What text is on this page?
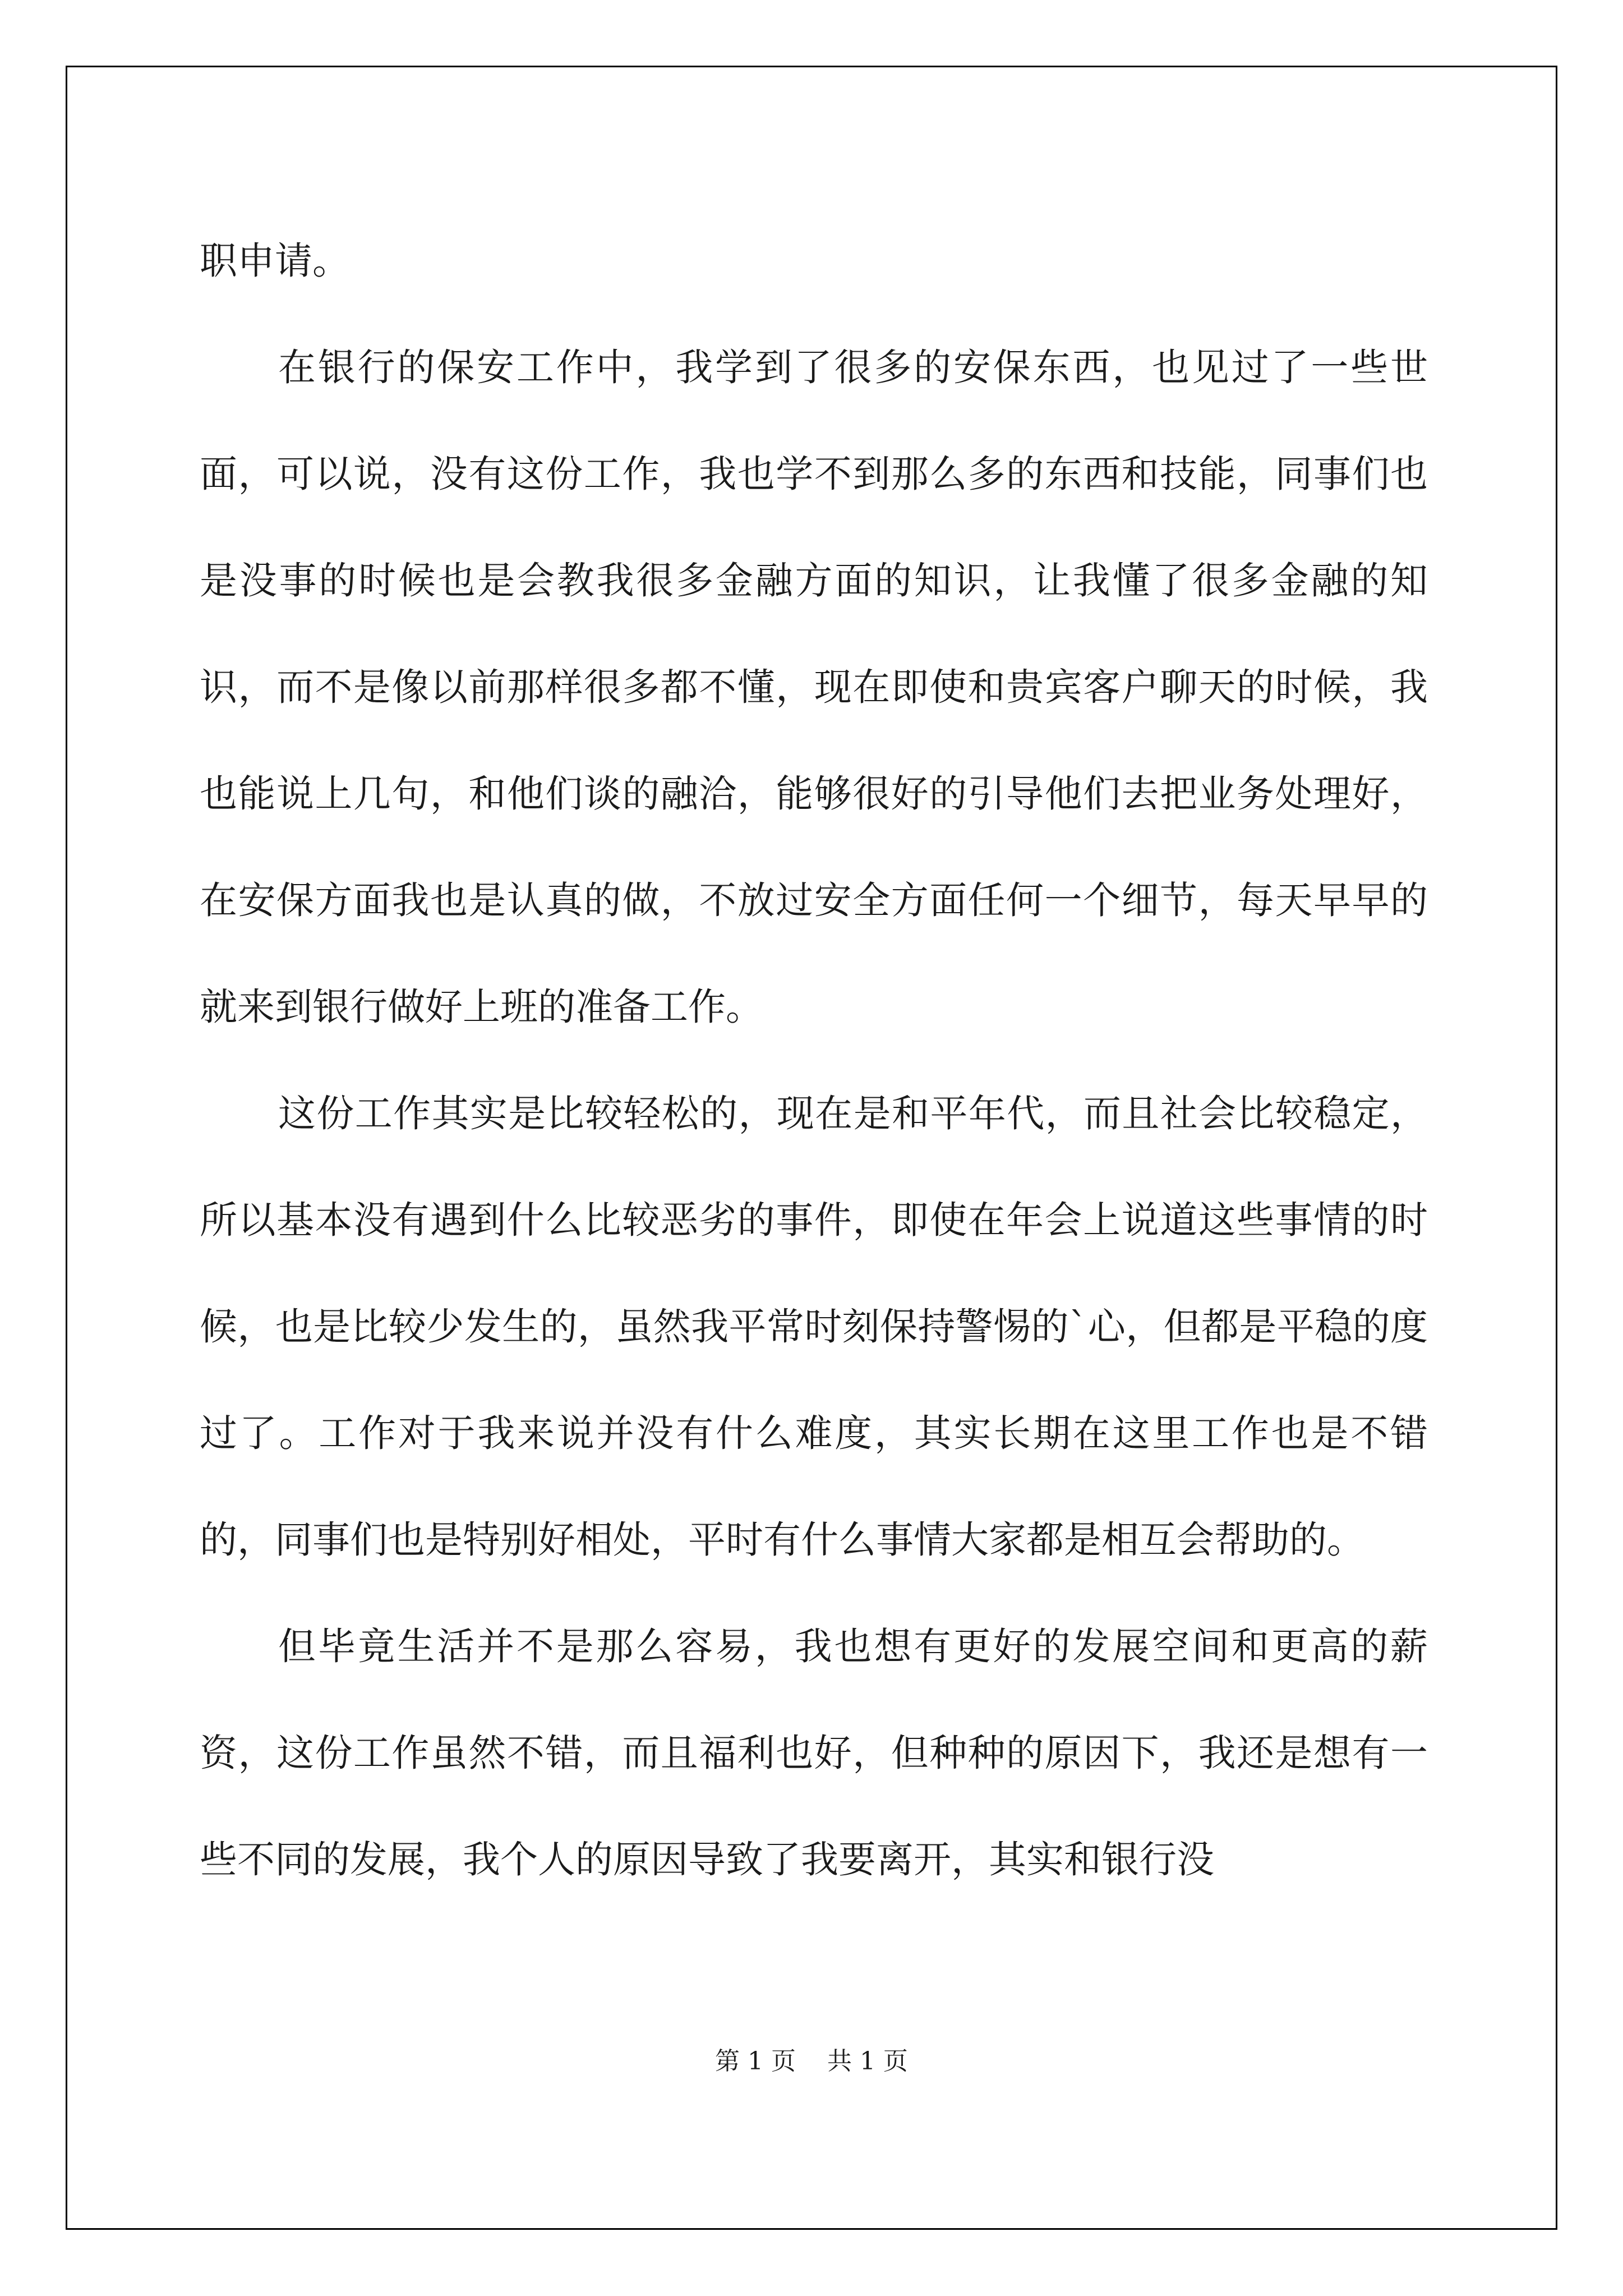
职申请。

在银行的保安工作中，我学到了很多的安保东西，也见过了一些世面，可以说，没有这份工作，我也学不到那么多的东西和技能，同事们也是没事的时候也是会教我很多金融方面的知识，让我懂了很多金融的知识，而不是像以前那样很多都不懂，现在即使和贵宾客户聊天的时候，我也能说上几句，和他们谈的融洽，能够很好的引导他们去把业务处理好，在安保方面我也是认真的做，不放过安全方面任何一个细节，每天早早的就来到银行做好上班的准备工作。

这份工作其实是比较轻松的，现在是和平年代，而且社会比较稳定，所以基本没有遇到什么比较恶劣的事件，即使在年会上说道这些事情的时候，也是比较少发生的，虽然我平常时刻保持警惕的`心，但都是平稳的度过了。工作对于我来说并没有什么难度，其实长期在这里工作也是不错的，同事们也是特别好相处，平时有什么事情大家都是相互会帮助的。

但毕竟生活并不是那么容易，我也想有更好的发展空间和更高的薪资，这份工作虽然不错，而且福利也好，但种种的原因下，我还是想有一些不同的发展，我个人的原因导致了我要离开，其实和银行没

第 1 页    共 1 页
